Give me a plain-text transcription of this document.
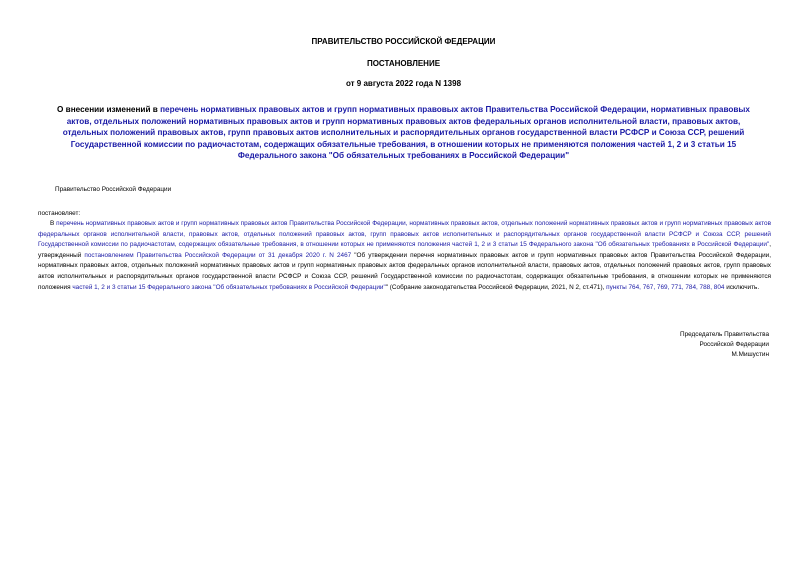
ПРАВИТЕЛЬСТВО РОССИЙСКОЙ ФЕДЕРАЦИИ
ПОСТАНОВЛЕНИЕ
от 9 августа 2022 года N 1398
О внесении изменений в перечень нормативных правовых актов и групп нормативных правовых актов Правительства Российской Федерации, нормативных правовых актов, отдельных положений нормативных правовых актов и групп нормативных правовых актов федеральных органов исполнительной власти, правовых актов, отдельных положений правовых актов, групп правовых актов исполнительных и распорядительных органов государственной власти РСФСР и Союза ССР, решений Государственной комиссии по радиочастотам, содержащих обязательные требования, в отношении которых не применяются положения частей 1, 2 и 3 статьи 15 Федерального закона "Об обязательных требованиях в Российской Федерации"
Правительство Российской Федерации
постановляет:
В перечень нормативных правовых актов и групп нормативных правовых актов Правительства Российской Федерации, нормативных правовых актов, отдельных положений нормативных правовых актов и групп нормативных правовых актов федеральных органов исполнительной власти, правовых актов, отдельных положений правовых актов, групп правовых актов исполнительных и распорядительных органов государственной власти РСФСР и Союза ССР, решений Государственной комиссии по радиочастотам, содержащих обязательные требования, в отношении которых не применяются положения частей 1, 2 и 3 статьи 15 Федерального закона "Об обязательных требованиях в Российской Федерации", утвержденный постановлением Правительства Российской Федерации от 31 декабря 2020 г. N 2467 "Об утверждении перечня нормативных правовых актов и групп нормативных правовых актов Правительства Российской Федерации, нормативных правовых актов, отдельных положений нормативных правовых актов и групп нормативных правовых актов федеральных органов исполнительной власти, правовых актов, отдельных положений правовых актов, групп правовых актов исполнительных и распорядительных органов государственной власти РСФСР и Союза ССР, решений Государственной комиссии по радиочастотам, содержащих обязательные требования, в отношении которых не применяются положения частей 1, 2 и 3 статьи 15 Федерального закона "Об обязательных требованиях в Российской Федерации"" (Собрание законодательства Российской Федерации, 2021, N 2, ст.471), пункты 764, 767, 769, 771, 784, 788, 804 исключить.
Председатель Правительства
Российской Федерации
М.Мишустин
